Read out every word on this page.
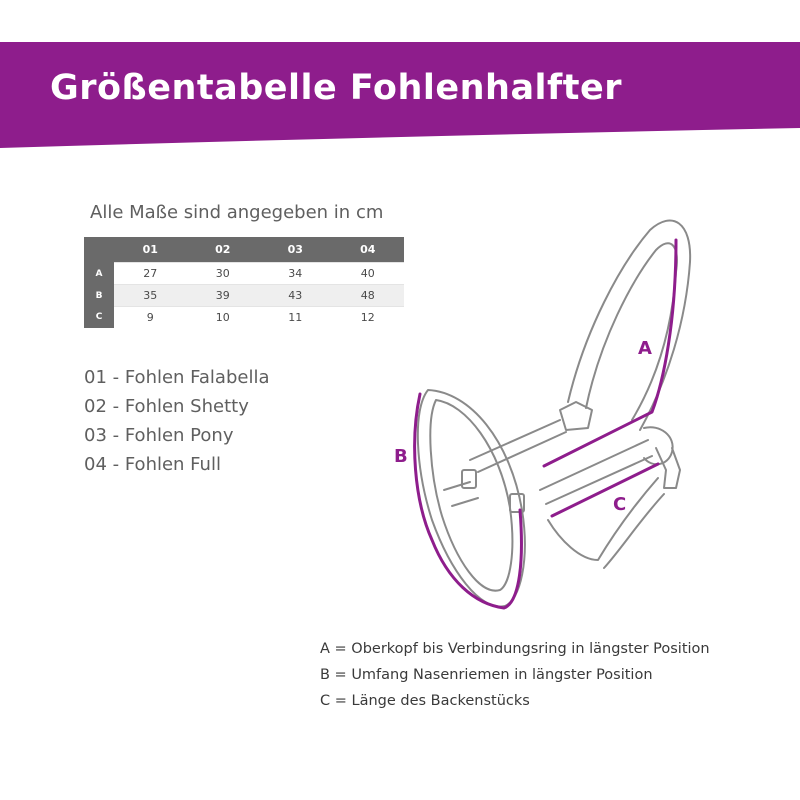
Größentabelle Fohlenhalfter

Alle Maße sind angegeben in cm

	01	02	03	04
A	27	30	34	40
B	35	39	43	48
C	9	10	11	12
01 - Fohlen Falabella
02 - Fohlen Shetty
03 - Fohlen Pony
04 - Fohlen Full
A
B
C
A = Oberkopf bis Verbindungsring in längster Position
B = Umfang Nasenriemen in längster Position
C = Länge des Backenstücks
